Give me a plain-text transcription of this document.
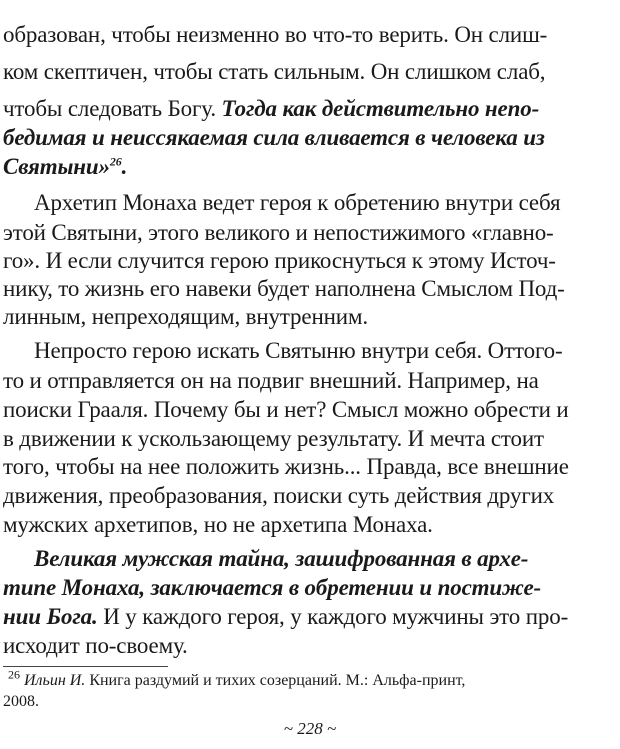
образован, чтобы неизменно во что-то верить. Он слиш-
ком скептичен, чтобы стать сильным. Он слишком слаб,
чтобы следовать Богу. Тогда как действительно непо-
бедимая и неиссякаемая сила вливается в человека из
Святыни»$^{26}$.
Архетип Монаха ведет героя к обретению внутри себя
этой Святыни, этого великого и непостижимого «главно-
го». И если случится герою прикоснуться к этому Источ-
нику, то жизнь его навеки будет наполнена Смыслом Под-
линным, непреходящим, внутренним.
Непросто герою искать Святыню внутри себя. Оттого-
то и отправляется он на подвиг внешний. Например, на
поиски Грааля. Почему бы и нет? Смысл можно обрести и
в движении к ускользающему результату. И мечта стоит
того, чтобы на нее положить жизнь... Правда, все внешние
движения, преобразования, поиски суть действия других
мужских архетипов, но не архетипа Монаха.
Великая мужская тайна, зашифрованная в архе-
типе Монаха, заключается в обретении и постиже-
нии Бога. И у каждого героя, у каждого мужчины это про-
исходит по-своему.
$^{26}$ Ильин И. Книга раздумий и тихих созерцаний. М.: Альфа-принт,
2008.
~ 228 ~
